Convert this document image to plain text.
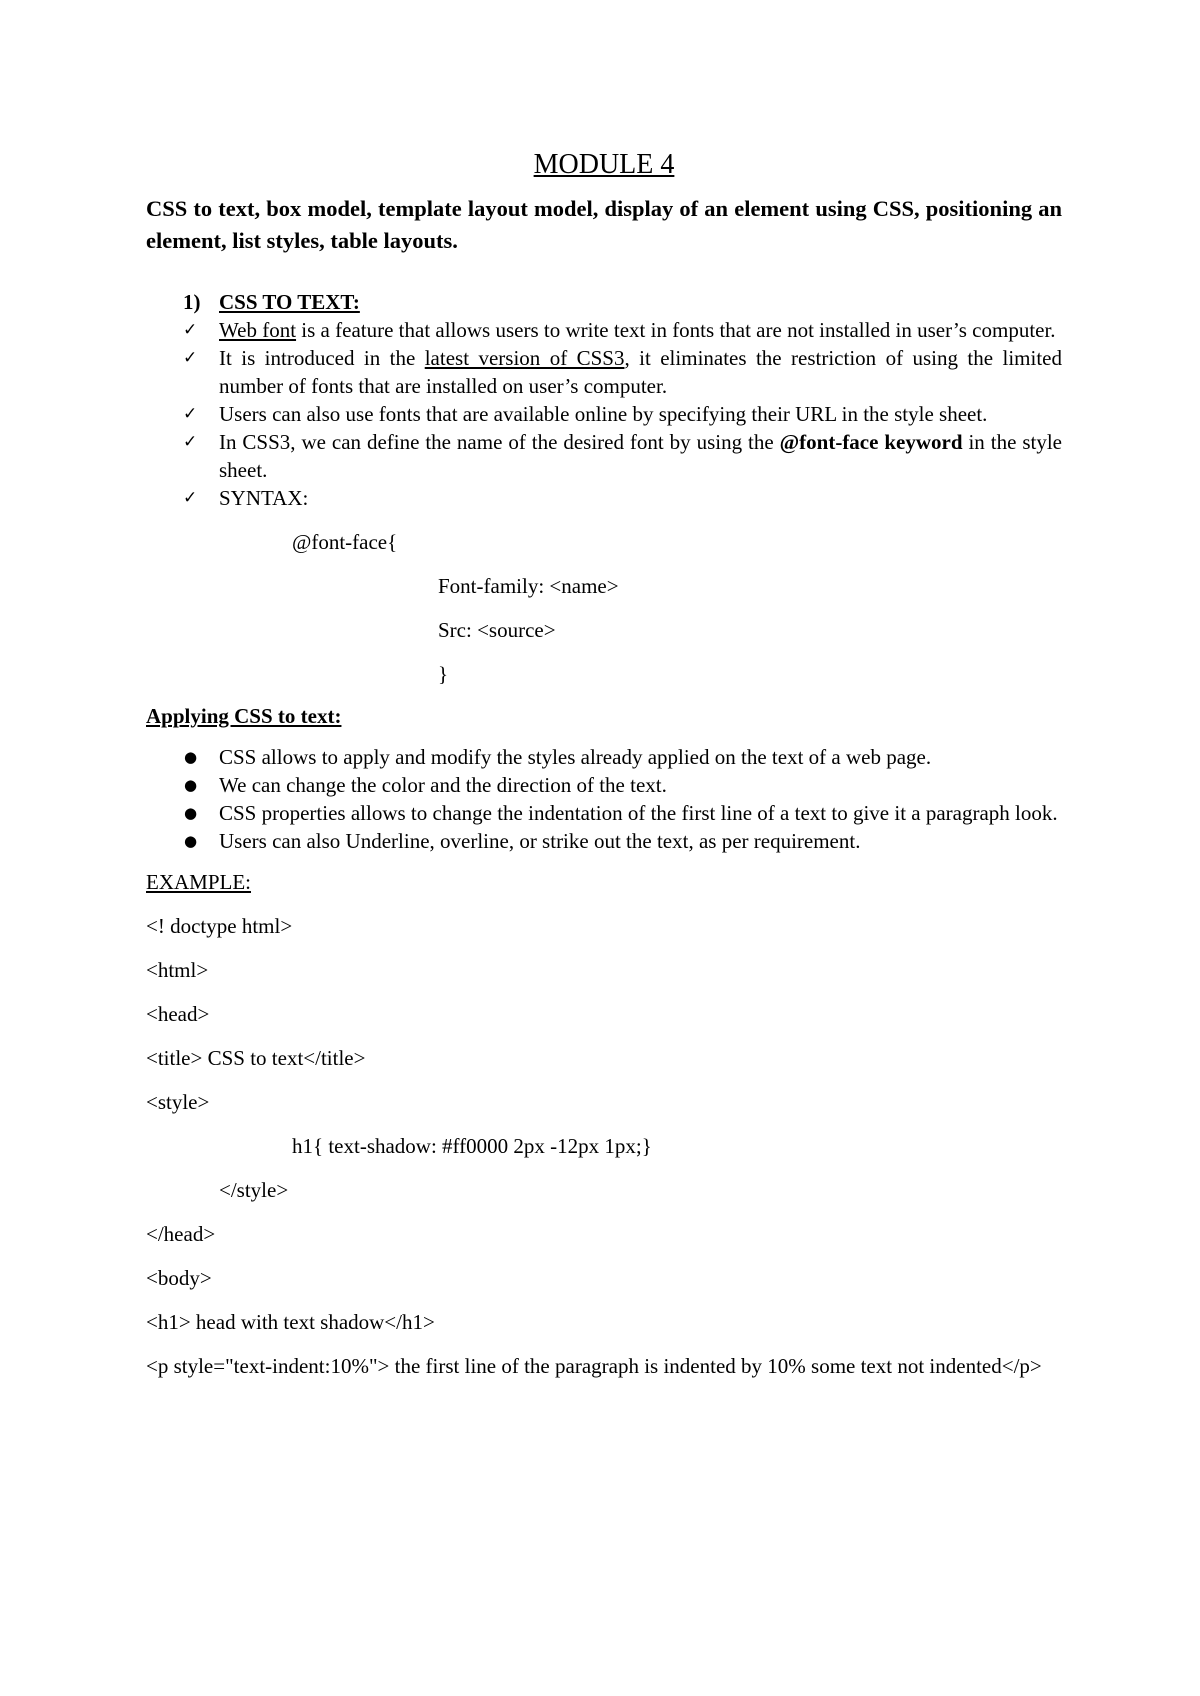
MODULE 4
CSS to text, box model, template layout model, display of an element using CSS, positioning an element, list styles, table layouts.
1) CSS TO TEXT:
✓ Web font is a feature that allows users to write text in fonts that are not installed in user’s computer.
✓ It is introduced in the latest version of CSS3, it eliminates the restriction of using the limited number of fonts that are installed on user’s computer.
✓ Users can also use fonts that are available online by specifying their URL in the style sheet.
✓ In CSS3, we can define the name of the desired font by using the @font-face keyword in the style sheet.
✓ SYNTAX:
@font-face{
Font-family: <name>
Src: <source>
}
Applying CSS to text:
● CSS allows to apply and modify the styles already applied on the text of a web page.
● We can change the color and the direction of the text.
● CSS properties allows to change the indentation of the first line of a text to give it a paragraph look.
● Users can also Underline, overline, or strike out the text, as per requirement.
EXAMPLE:
<! doctype html>
<html>
<head>
<title> CSS to text</title>
<style>
h1{ text-shadow: #ff0000 2px -12px 1px;}
</style>
</head>
<body>
<h1> head with text shadow</h1>
<p style="text-indent:10%"> the first line of the paragraph is indented by 10% some text not indented</p>
